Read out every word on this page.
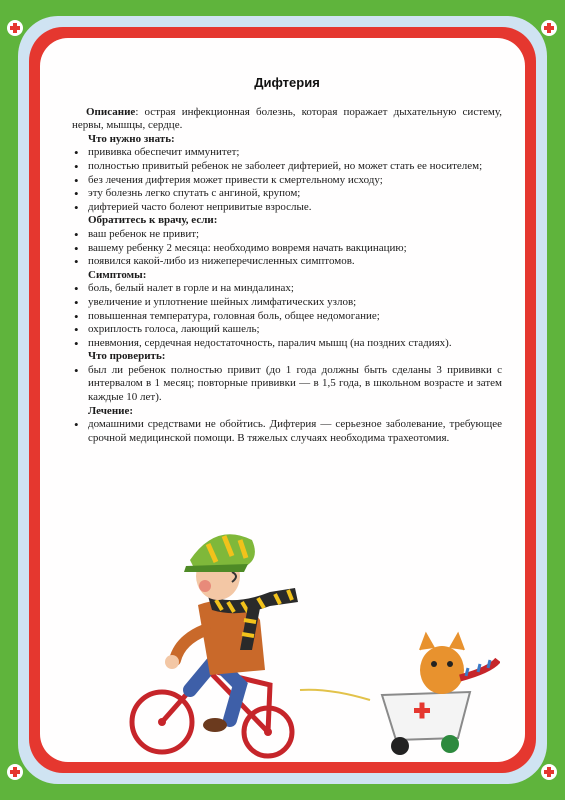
Дифтерия

Описание: острая инфекционная болезнь, которая поражает дыхательную систему, нервы, мышцы, сердце.

Что нужно знать:
• прививка обеспечит иммунитет;
• полностью привитый ребенок не заболеет дифтерией, но может стать ее носителем;
• без лечения дифтерия может привести к смертельному исходу;
• эту болезнь легко спутать с ангиной, крупом;
• дифтерией часто болеют непривитые взрослые.
Обратитесь к врачу, если:
• ваш ребенок не привит;
• вашему ребенку 2 месяца: необходимо вовремя начать вакцинацию;
• появился какой-либо из нижеперечисленных симптомов.
Симптомы:
• боль, белый налет в горле и на миндалинах;
• увеличение и уплотнение шейных лимфатических узлов;
• повышенная температура, головная боль, общее недомогание;
• охриплость голоса, лающий кашель;
• пневмония, сердечная недостаточность, паралич мышц (на поздних стадиях).
Что проверить:
• был ли ребенок полностью привит (до 1 года должны быть сделаны 3 прививки с интервалом в 1 месяц; повторные прививки — в 1,5 года, в школьном возрасте и затем каждые 10 лет).
Лечение:
• домашними средствами не обойтись. Дифтерия — серьезное заболевание, требующее срочной медицинской помощи. В тяжелых случаях необходима трахеотомия.
